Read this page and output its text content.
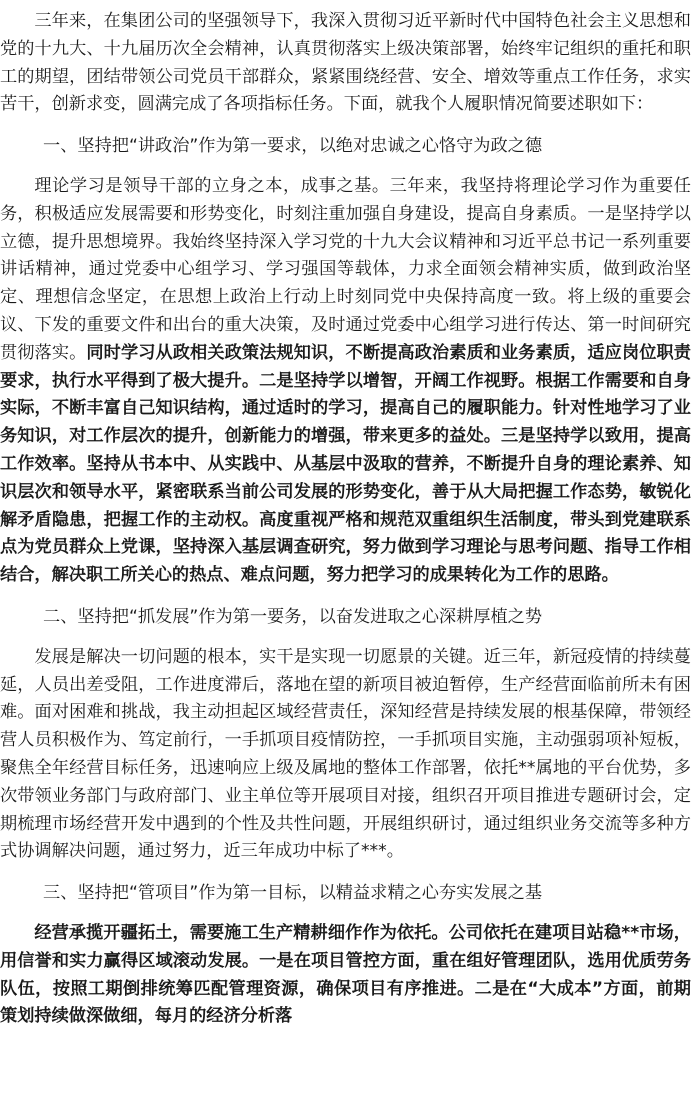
三年来，在集团公司的坚强领导下，我深入贯彻习近平新时代中国特色社会主义思想和党的十九大、十九届历次全会精神，认真贯彻落实上级决策部署，始终牢记组织的重托和职工的期望，团结带领公司党员干部群众，紧紧围绕经营、安全、增效等重点工作任务，求实苦干，创新求变，圆满完成了各项指标任务。下面，就我个人履职情况简要述职如下：

一、坚持把“讲政治”作为第一要求，以绝对忠诚之心恪守为政之德

理论学习是领导干部的立身之本，成事之基。三年来，我坚持将理论学习作为重要任务，积极适应发展需要和形势变化，时刻注重加强自身建设，提高自身素质。一是坚持学以立德，提升思想境界。我始终坚持深入学习党的十九大会议精神和习近平总书记一系列重要讲话精神，通过党委中心组学习、学习强国等载体，力求全面领会精神实质，做到政治坚定、理想信念坚定，在思想上政治上行动上时刻同党中央保持高度一致。将上级的重要会议、下发的重要文件和出台的重大决策，及时通过党委中心组学习进行传达、第一时间研究贯彻落实。同时学习从政相关政策法规知识，不断提高政治素质和业务素质，适应岗位职责要求，执行水平得到了极大提升。二是坚持学以增智，开阔工作视野。根据工作需要和自身实际，不断丰富自己知识结构，通过适时的学习，提高自己的履职能力。针对性地学习了业务知识，对工作层次的提升，创新能力的增强，带来更多的益处。三是坚持学以致用，提高工作效率。坚持从书本中、从实践中、从基层中汲取的营养，不断提升自身的理论素养、知识层次和领导水平，紧密联系当前公司发展的形势变化，善于从大局把握工作态势，敏锐化解矛盾隐患，把握工作的主动权。高度重视严格和规范双重组织生活制度，带头到党建联系点为党员群众上党课，坚持深入基层调查研究，努力做到学习理论与思考问题、指导工作相结合，解决职工所关心的热点、难点问题，努力把学习的成果转化为工作的思路。

二、坚持把“抓发展”作为第一要务，以奋发进取之心深耕厚植之势

发展是解决一切问题的根本，实干是实现一切愿景的关键。近三年，新冠疫情的持续蔓延，人员出差受阻，工作进度滞后，落地在望的新项目被迫暂停，生产经营面临前所未有困难。面对困难和挑战，我主动担起区域经营责任，深知经营是持续发展的根基保障，带领经营人员积极作为、笃定前行，一手抓项目疫情防控，一手抓项目实施，主动强弱项补短板，聚焦全年经营目标任务，迅速响应上级及属地的整体工作部署，依托**属地的平台优势，多次带领业务部门与政府部门、业主单位等开展项目对接，组织召开项目推进专题研讨会，定期梳理市场经营开发中遇到的个性及共性问题，开展组织研讨，通过组织业务交流等多种方式协调解决问题，通过努力，近三年成功中标了***。

三、坚持把“管项目”作为第一目标，以精益求精之心夯实发展之基

经营承揽开疆拓土，需要施工生产精耕细作作为依托。公司依托在建项目站稳**市场，用信誉和实力赢得区域滚动发展。一是在项目管控方面，重在组好管理团队，选用优质劳务队伍，按照工期倒排统筹匹配管理资源，确保项目有序推进。二是在“大成本”方面，前期策划持续做深做细，每月的经济分析落
